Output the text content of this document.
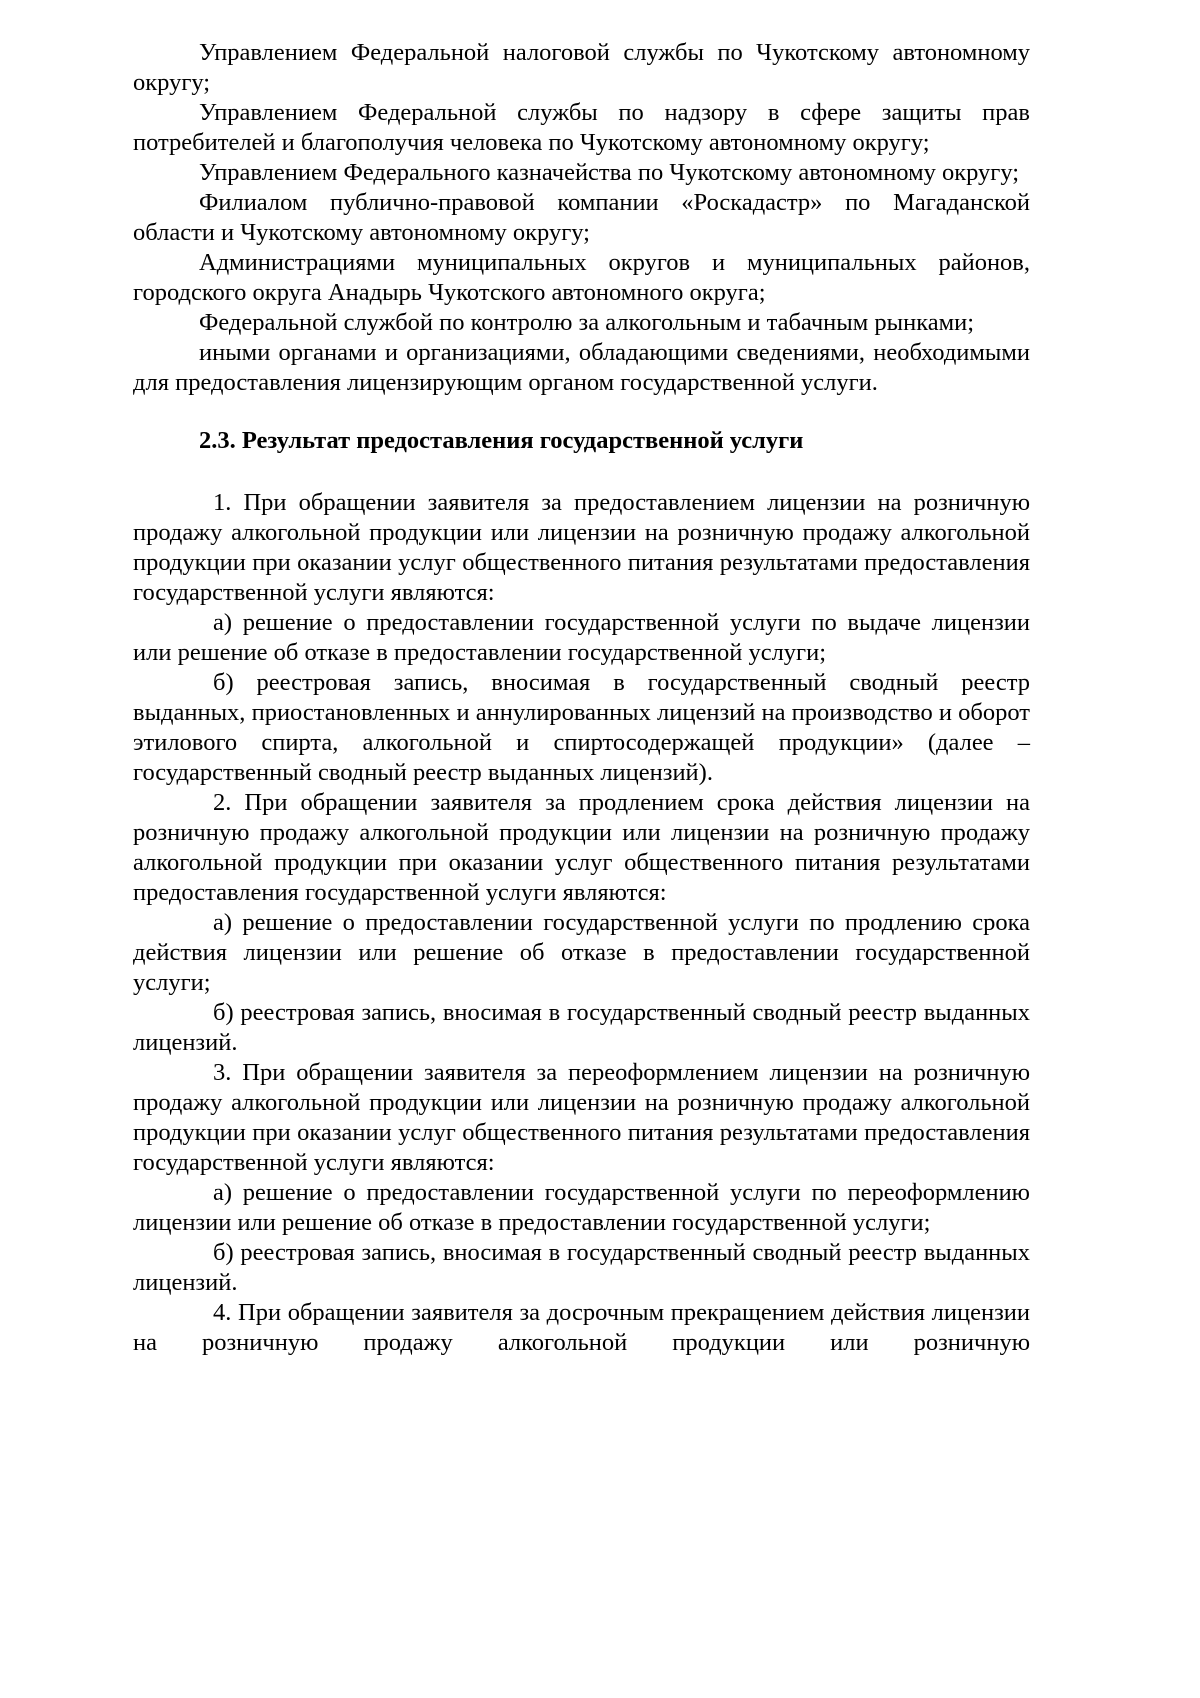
Управлением Федеральной налоговой службы по Чукотскому автономному округу;

Управлением Федеральной службы по надзору в сфере защиты прав потребителей и благополучия человека по Чукотскому автономному округу;

Управлением Федерального казначейства по Чукотскому автономному округу;

Филиалом публично-правовой компании «Роскадастр» по Магаданской области и Чукотскому автономному округу;

Администрациями муниципальных округов и муниципальных районов, городского округа Анадырь Чукотского автономного округа;

Федеральной службой по контролю за алкогольным и табачным рынками;

иными органами и организациями, обладающими сведениями, необходимыми для предоставления лицензирующим органом государственной услуги.

2.3. Результат предоставления государственной услуги

1. При обращении заявителя за предоставлением лицензии на розничную продажу алкогольной продукции или лицензии на розничную продажу алкогольной продукции при оказании услуг общественного питания результатами предоставления государственной услуги являются:

а) решение о предоставлении государственной услуги по выдаче лицензии или решение об отказе в предоставлении государственной услуги;

б) реестровая запись, вносимая в государственный сводный реестр выданных, приостановленных и аннулированных лицензий на производство и оборот этилового спирта, алкогольной и спиртосодержащей продукции» (далее – государственный сводный реестр выданных лицензий).

2. При обращении заявителя за продлением срока действия лицензии на розничную продажу алкогольной продукции или лицензии на розничную продажу алкогольной продукции при оказании услуг общественного питания результатами предоставления государственной услуги являются:

а) решение о предоставлении государственной услуги по продлению срока действия лицензии или решение об отказе в предоставлении государственной услуги;

б) реестровая запись, вносимая в государственный сводный реестр выданных лицензий.

3. При обращении заявителя за переоформлением лицензии на розничную продажу алкогольной продукции или лицензии на розничную продажу алкогольной продукции при оказании услуг общественного питания результатами предоставления государственной услуги являются:

а) решение о предоставлении государственной услуги по переоформлению лицензии или решение об отказе в предоставлении государственной услуги;

б) реестровая запись, вносимая в государственный сводный реестр выданных лицензий.

4. При обращении заявителя за досрочным прекращением действия лицензии на розничную продажу алкогольной продукции или розничную
